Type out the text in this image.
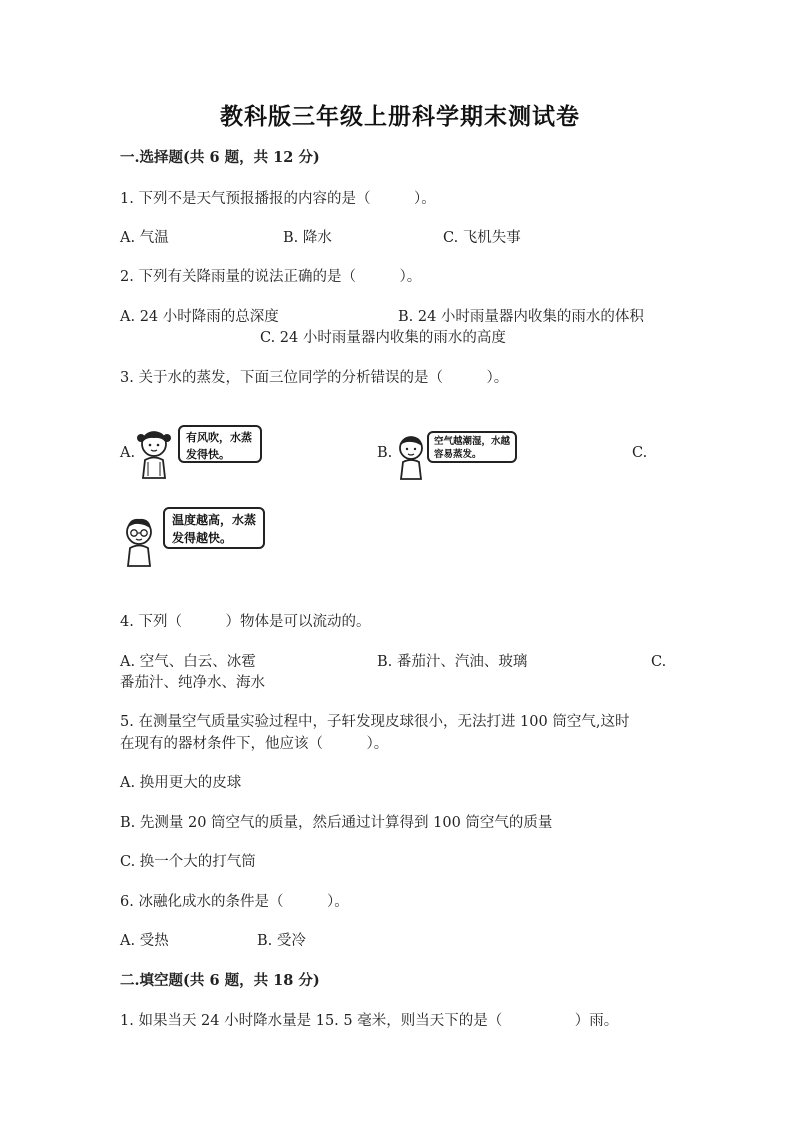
教科版三年级上册科学期末测试卷
一.选择题(共 6 题，共 12 分)
1. 下列不是天气预报播报的内容的是（　　　）。
A. 气温	B. 降水	C. 飞机失事
2. 下列有关降雨量的说法正确的是（　　　）。
A. 24 小时降雨的总深度	B. 24 小时雨量器内收集的雨水的体积
C. 24 小时雨量器内收集的雨水的高度
3. 关于水的蒸发，下面三位同学的分析错误的是（　　　）。
A.
有风吹，水蒸发得快。	B.
空气越潮湿，水越容易蒸发。	C.
温度越高，水蒸发得越快。
4. 下列（　　　）物体是可以流动的。
A. 空气、白云、冰雹	B. 番茄汁、汽油、玻璃	C.
番茄汁、纯净水、海水
5. 在测量空气质量实验过程中，子轩发现皮球很小，无法打进 100 筒空气,这时
在现有的器材条件下，他应该（　　　）。
A. 换用更大的皮球
B. 先测量 20 筒空气的质量，然后通过计算得到 100 筒空气的质量
C. 换一个大的打气筒
6. 冰融化成水的条件是（　　　）。
A. 受热	B. 受冷
二.填空题(共 6 题，共 18 分)
1. 如果当天 24 小时降水量是 15. 5 毫米，则当天下的是（　　　　　）雨。
